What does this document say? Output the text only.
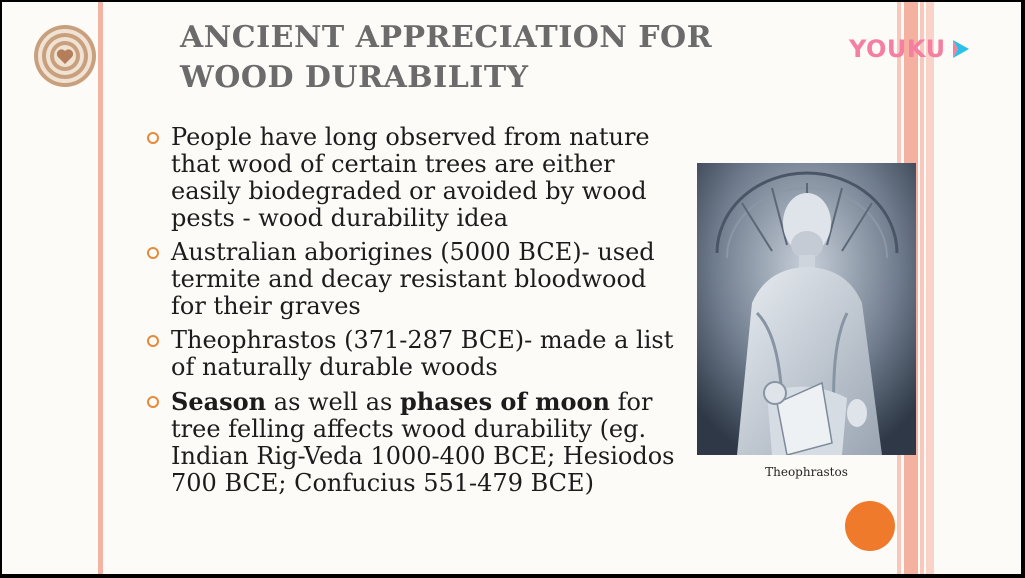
ANCIENT APPRECIATION FOR
WOOD DURABILITY
YOUKU
People have long observed from nature that wood of certain trees are either easily biodegraded or avoided by wood pests - wood durability idea
Australian aborigines (5000 BCE)- used termite and decay resistant bloodwood for their graves
Theophrastos (371-287 BCE)- made a list of naturally durable woods
Season as well as phases of moon for tree felling affects wood durability (eg. Indian Rig-Veda 1000-400 BCE; Hesiodos 700 BCE; Confucius 551-479 BCE)	Theophrastos
